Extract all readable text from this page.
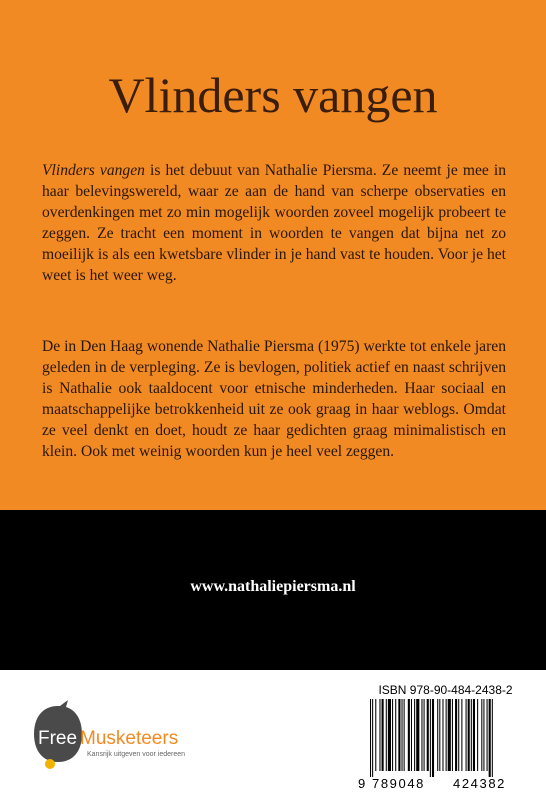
Vlinders vangen
Vlinders vangen is het debuut van Nathalie Piersma. Ze neemt je mee in haar belevingswereld, waar ze aan de hand van scherpe observaties en overdenkingen met zo min mogelijk woorden zoveel mogelijk probeert te zeggen. Ze tracht een moment in woorden te vangen dat bijna net zo moeilijk is als een kwetsbare vlinder in je hand vast te houden. Voor je het weet is het weer weg.
De in Den Haag wonende Nathalie Piersma (1975) werkte tot enkele jaren geleden in de verpleging. Ze is bevlogen, politiek actief en naast schrijven is Nathalie ook taaldocent voor etnische minderheden. Haar sociaal en maatschappelijke betrokkenheid uit ze ook graag in haar weblogs. Omdat ze veel denkt en doet, houdt ze haar gedichten graag minimalistisch en klein. Ook met weinig woorden kun je heel veel zeggen.
www.nathaliepiersma.nl
Free Musketeers
Kansrijk uitgeven voor iedereen
ISBN 978-90-484-2438-2
9 789048 424382
